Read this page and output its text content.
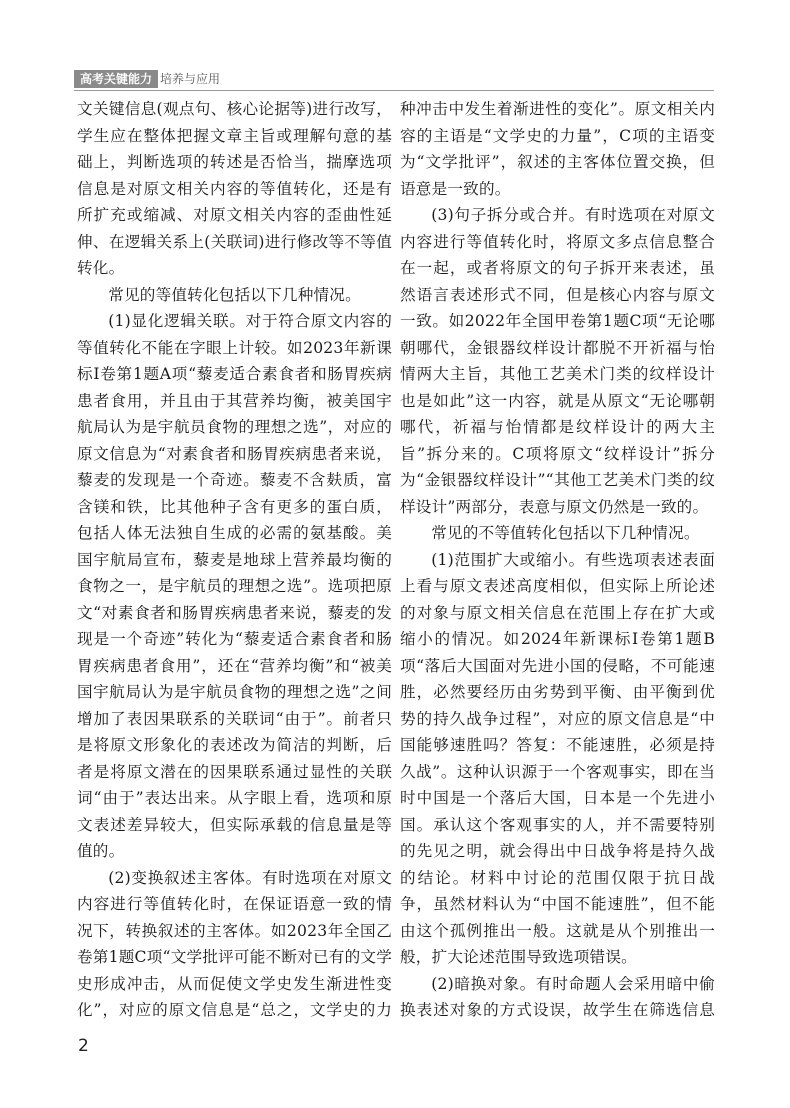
高考关键能力 培养与应用

文关键信息(观点句、核心论据等)进行改写，学生应在整体把握文章主旨或理解句意的基础上，判断选项的转述是否恰当，揣摩选项信息是对原文相关内容的等值转化，还是有所扩充或缩减、对原文相关内容的歪曲性延伸、在逻辑关系上(关联词)进行修改等不等值转化。

常见的等值转化包括以下几种情况。

(1)显化逻辑关联。对于符合原文内容的等值转化不能在字眼上计较。如2023年新课标Ⅰ卷第1题A项“藜麦适合素食者和肠胃疾病患者食用，并且由于其营养均衡，被美国宇航局认为是宇航员食物的理想之选”，对应的原文信息为“对素食者和肠胃疾病患者来说，藜麦的发现是一个奇迹。藜麦不含麸质，富含镁和铁，比其他种子含有更多的蛋白质，包括人体无法独自生成的必需的氨基酸。美国宇航局宣布，藜麦是地球上营养最均衡的食物之一，是宇航员的理想之选”。选项把原文“对素食者和肠胃疾病患者来说，藜麦的发现是一个奇迹”转化为“藜麦适合素食者和肠胃疾病患者食用”，还在“营养均衡”和“被美国宇航局认为是宇航员食物的理想之选”之间增加了表因果联系的关联词“由于”。前者只是将原文形象化的表述改为简洁的判断，后者是将原文潜在的因果联系通过显性的关联词“由于”表达出来。从字眼上看，选项和原文表述差异较大，但实际承载的信息量是等值的。

(2)变换叙述主客体。有时选项在对原文内容进行等值转化时，在保证语意一致的情况下，转换叙述的主客体。如2023年全国乙卷第1题C项“文学批评可能不断对已有的文学史形成冲击，从而促使文学史发生渐进性变化”，对应的原文信息是“总之，文学史的力

种冲击中发生着渐进性的变化”。原文相关内容的主语是“文学史的力量”，C项的主语变为“文学批评”，叙述的主客体位置交换，但语意是一致的。

(3)句子拆分或合并。有时选项在对原文内容进行等值转化时，将原文多点信息整合在一起，或者将原文的句子拆开来表述，虽然语言表述形式不同，但是核心内容与原文一致。如2022年全国甲卷第1题C项“无论哪朝哪代，金银器纹样设计都脱不开祈福与怡情两大主旨，其他工艺美术门类的纹样设计也是如此”这一内容，就是从原文“无论哪朝哪代，祈福与怡情都是纹样设计的两大主旨”拆分来的。C项将原文“纹样设计”拆分为“金银器纹样设计”“其他工艺美术门类的纹样设计”两部分，表意与原文仍然是一致的。

常见的不等值转化包括以下几种情况。

(1)范围扩大或缩小。有些选项表述表面上看与原文表述高度相似，但实际上所论述的对象与原文相关信息在范围上存在扩大或缩小的情况。如2024年新课标Ⅰ卷第1题B项“落后大国面对先进小国的侵略，不可能速胜，必然要经历由劣势到平衡、由平衡到优势的持久战争过程”，对应的原文信息是“中国能够速胜吗？答复：不能速胜，必须是持久战”。这种认识源于一个客观事实，即在当时中国是一个落后大国，日本是一个先进小国。承认这个客观事实的人，并不需要特别的先见之明，就会得出中日战争将是持久战的结论。材料中讨论的范围仅限于抗日战争，虽然材料认为“中国不能速胜”，但不能由这个孤例推出一般。这就是从个别推出一般，扩大论述范围导致选项错误。

(2)暗换对象。有时命题人会采用暗中偷换表述对象的方式设误，故学生在筛选信息

2
